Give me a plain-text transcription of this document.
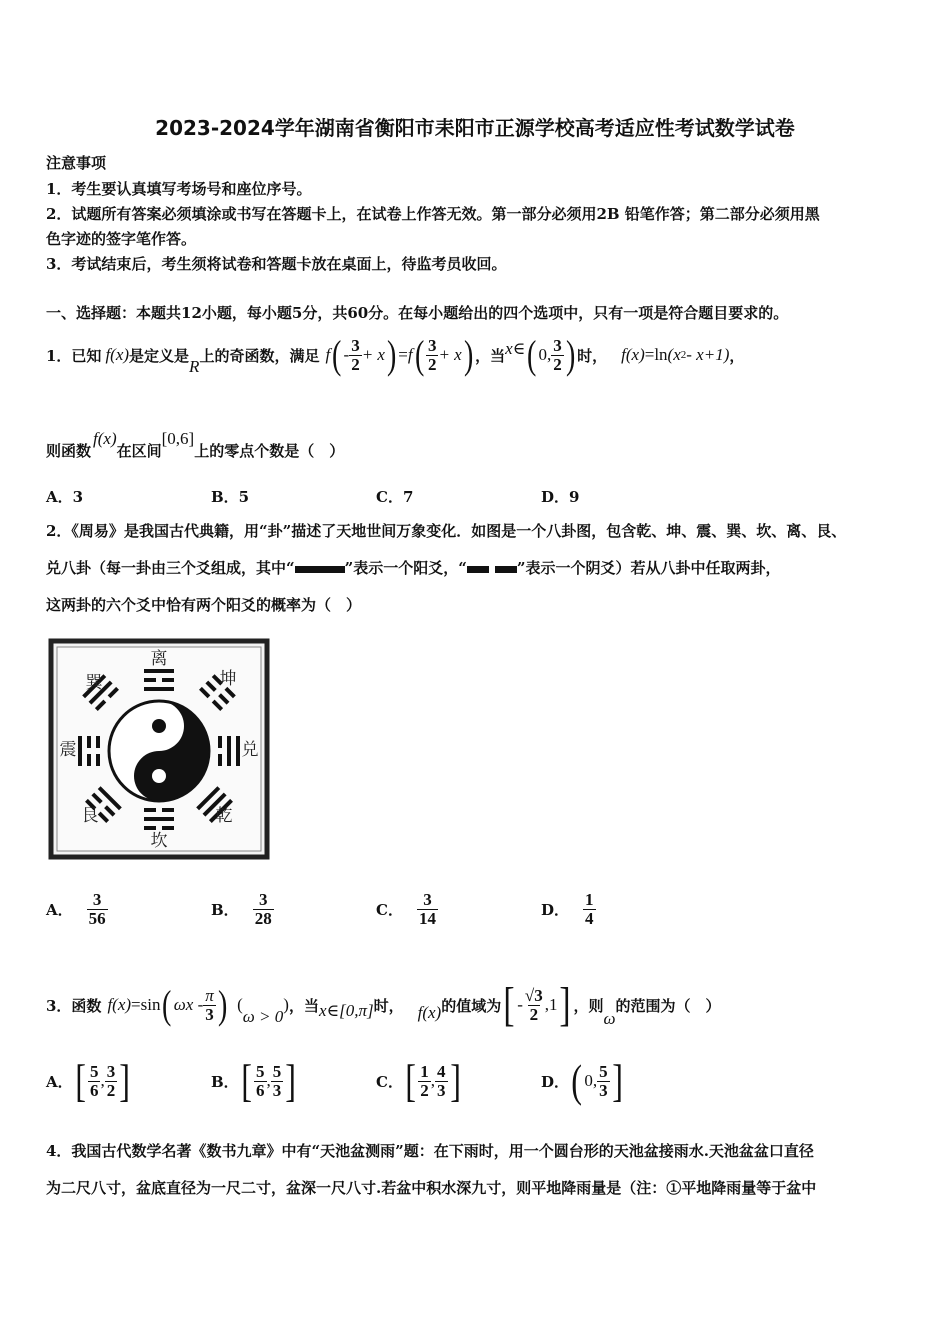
2023-2024学年湖南省衡阳市耒阳市正源学校高考适应性考试数学试卷
注意事项
1．考生要认真填写考场号和座位序号。
2．试题所有答案必须填涂或书写在答题卡上，在试卷上作答无效。第一部分必须用2B 铅笔作答；第二部分必须用黑
色字迹的签字笔作答。
3．考试结束后，考生须将试卷和答题卡放在桌面上，待监考员收回。
一、选择题：本题共12小题，每小题5分，共60分。在每小题给出的四个选项中，只有一项是符合题目要求的。
1．已知 f(x) 是定义是
R
上的奇函数，满足 f ( - $\frac{3}{2} + x$ ) = f ( $\frac{3}{2} + x$ ) ，当 x∈ ( 0, $\frac{3}{2}$ ) 时， f(x) =ln (x 2 - x+1) ，
则函数
f(x)
在区间
[0,6]
上的零点个数是（　）
A．3	B．5	C．7	D．9
2．《周易》是我国古代典籍，用“卦”描述了天地世间万象变化．如图是一个八卦图，包含乾、坤、震、巽、坎、离、艮、
兑八卦（每一卦由三个爻组成，其中“	”表示一个阳爻，“	”表示一个阴爻）若从八卦中任取两卦，
这两卦的六个爻中恰有两个阳爻的概率为（　）
离
坤
兑
乾
坎
艮
震
巽
A． $\frac{3}{56}$	B． $\frac{3}{28}$	C． $\frac{3}{14}$	D． $\frac{1}{4}$
3．函数 f(x) =sin ( ωx - $\frac{\pi}{3}$ ) (
ω > 0
) ，当 x∈[0,π] 时， f(x) 的值域为 [ - $\frac{√3}{2} ,1$ ] ，则
ω
的范围为（　）
A． [ $\frac{5}{6}$ , $\frac{3}{2}$ ]	B． [ $\frac{5}{6}$ , $\frac{5}{3}$ ]	C． [ $\frac{1}{2}$ , $\frac{4}{3}$ ]	D． ( 0, $\frac{5}{3}$ ]
4．我国古代数学名著《数书九章》中有“天池盆测雨”题：在下雨时，用一个圆台形的天池盆接雨水.天池盆盆口直径
为二尺八寸，盆底直径为一尺二寸，盆深一尺八寸.若盆中积水深九寸，则平地降雨量是（注：①平地降雨量等于盆中
